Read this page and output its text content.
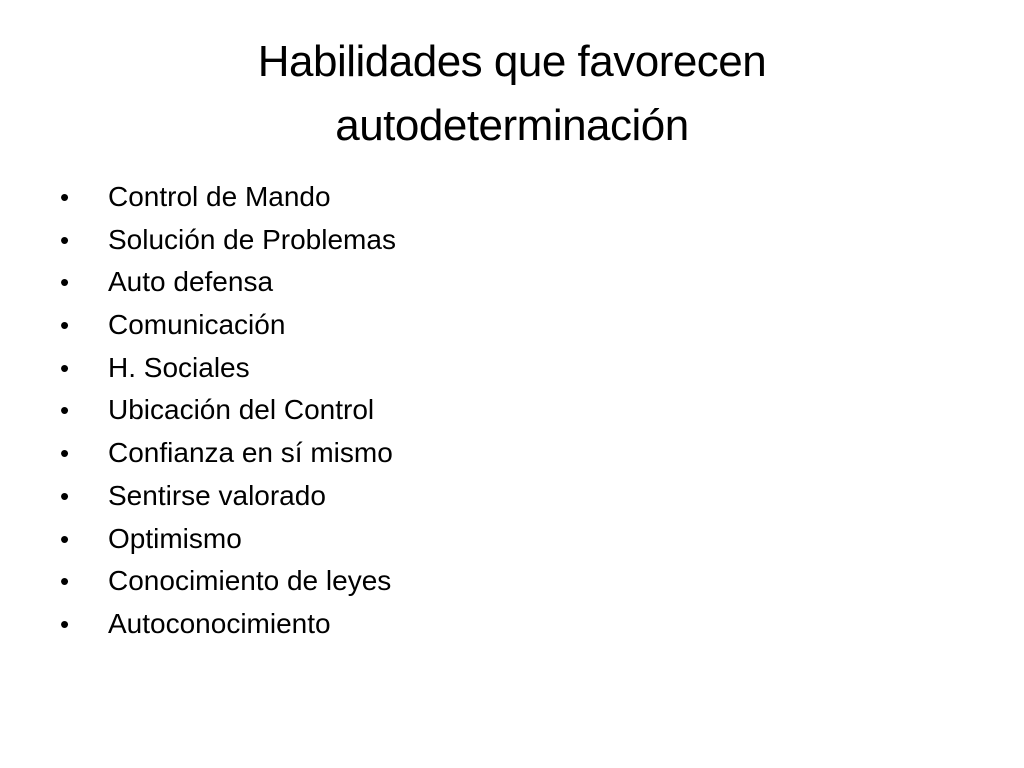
Habilidades que favorecen
autodeterminación
•	Control de Mando
•	Solución de Problemas
•	Auto defensa
•	Comunicación
•	H. Sociales
•	Ubicación del Control
•	Confianza en sí mismo
•	Sentirse valorado
•	Optimismo
•	Conocimiento de leyes
•	Autoconocimiento
